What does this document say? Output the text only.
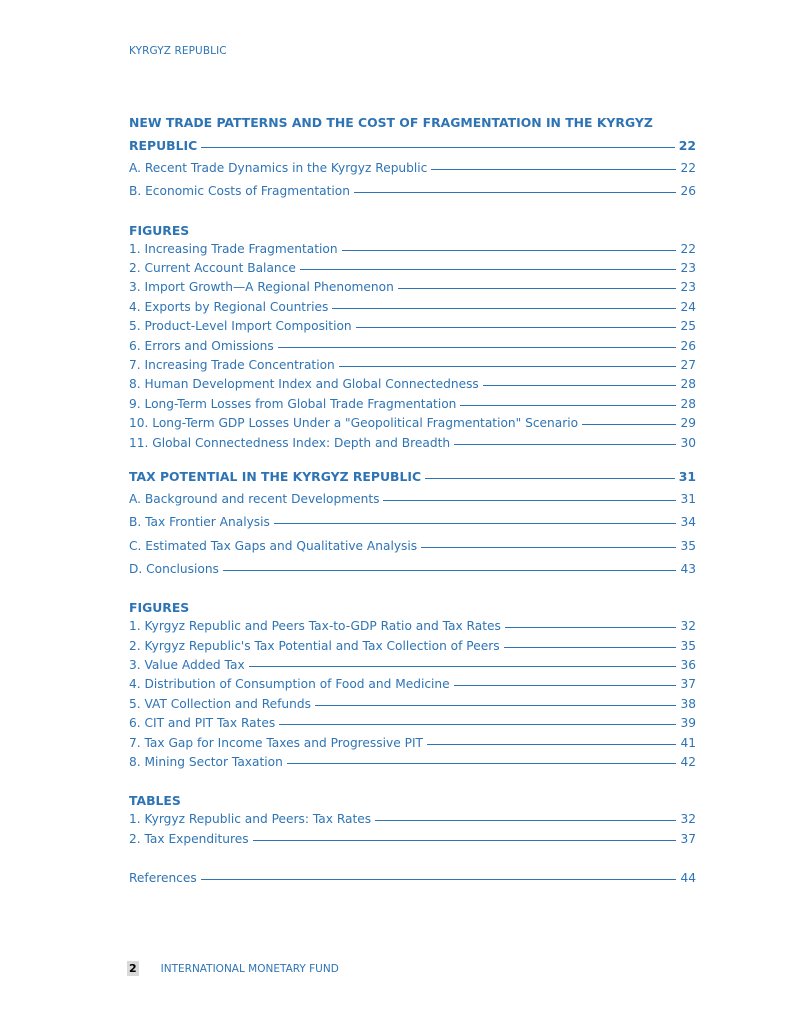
KYRGYZ REPUBLIC
NEW TRADE PATTERNS AND THE COST OF FRAGMENTATION IN THE KYRGYZ
REPUBLIC	22
A. Recent Trade Dynamics in the Kyrgyz Republic	22
B. Economic Costs of Fragmentation	26
FIGURES
1. Increasing Trade Fragmentation	22
2. Current Account Balance	23
3. Import Growth—A Regional Phenomenon	23
4. Exports by Regional Countries	24
5. Product-Level Import Composition	25
6. Errors and Omissions	26
7. Increasing Trade Concentration	27
8. Human Development Index and Global Connectedness	28
9. Long-Term Losses from Global Trade Fragmentation	28
10. Long-Term GDP Losses Under a "Geopolitical Fragmentation" Scenario	29
11. Global Connectedness Index: Depth and Breadth	30
TAX POTENTIAL IN THE KYRGYZ REPUBLIC	31
A. Background and recent Developments	31
B. Tax Frontier Analysis	34
C. Estimated Tax Gaps and Qualitative Analysis	35
D. Conclusions	43
FIGURES
1. Kyrgyz Republic and Peers Tax-to-GDP Ratio and Tax Rates	32
2. Kyrgyz Republic's Tax Potential and Tax Collection of Peers	35
3. Value Added Tax	36
4. Distribution of Consumption of Food and Medicine	37
5. VAT Collection and Refunds	38
6. CIT and PIT Tax Rates	39
7. Tax Gap for Income Taxes and Progressive PIT	41
8. Mining Sector Taxation	42
TABLES
1. Kyrgyz Republic and Peers: Tax Rates	32
2. Tax Expenditures	37
References	44
2 INTERNATIONAL MONETARY FUND
